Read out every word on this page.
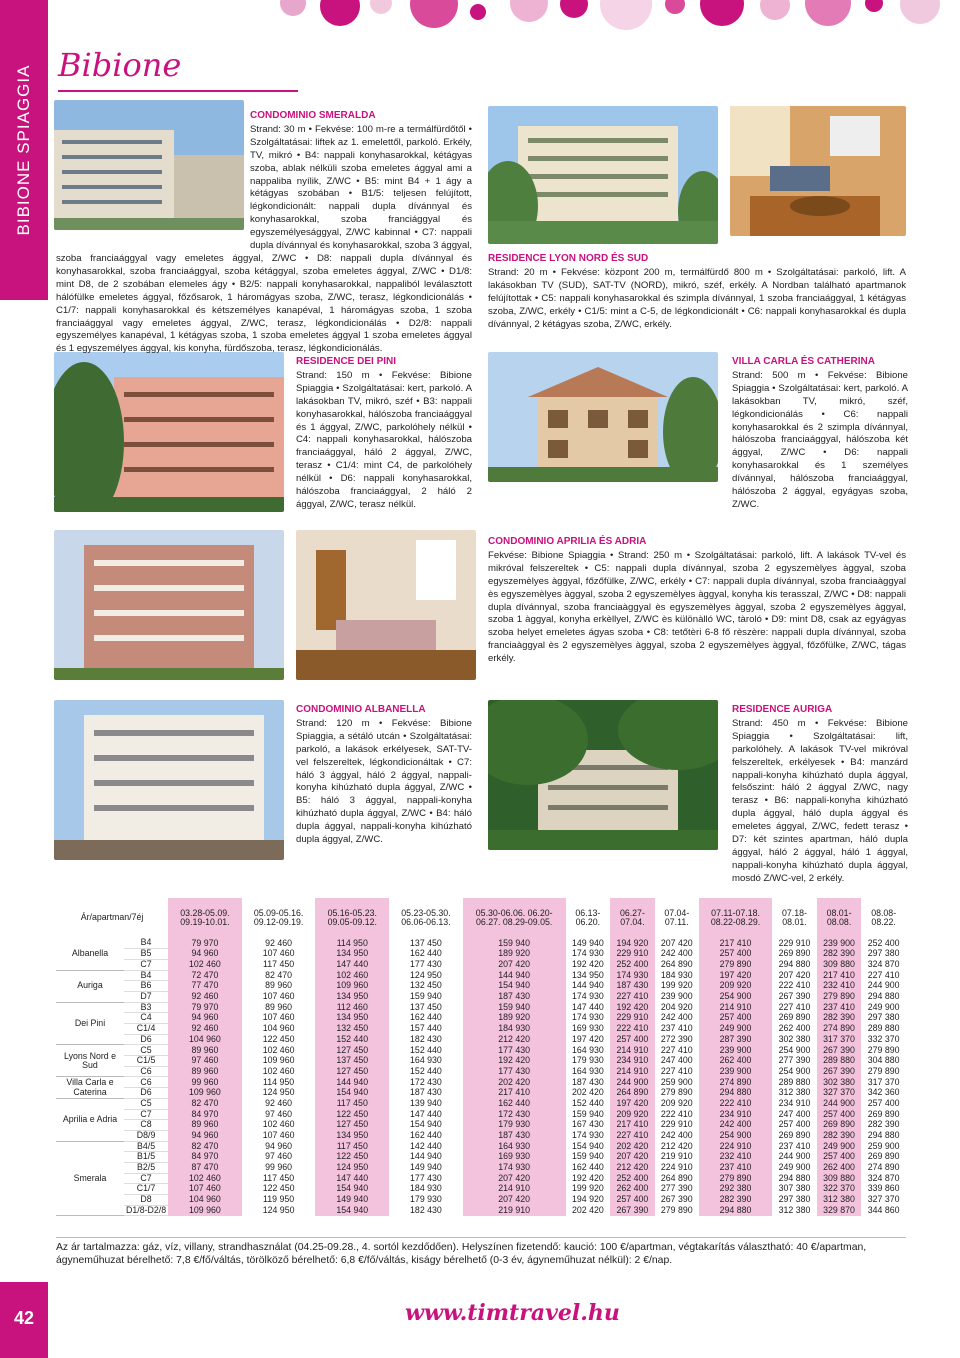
BIBIONE SPIAGGIA
42
Bibione
CONDOMINIO SMERALDA
Strand: 30 m • Fekvése: 100 m-re a termálfürdőtől • Szolgáltatásai: liftek az 1. emelettől, parkoló. Erkély, TV, mikró • B4: nappali konyhasarokkal, kétágyas szoba, ablak nélküli szoba emeletes ággyal ami a nappaliba nyílik, Z/WC • B5: mint B4 + 1 ágy a kétágyas szobában • B1/5: teljesen felújított, légkondicionált: nappali dupla dívánnyal és konyhasarokkal, szoba franciággyal és egyszemélyesággyal, Z/WC kabinnal • C7: nappali dupla dívánnyal és konyhasarokkal, szoba 3 ággyal, szoba franciaággyal vagy emeletes ággyal, Z/WC • D8: nappali dupla dívánnyal és konyhasarokkal, szoba franciaággyal, szoba kétággyal, szoba emeletes ággyal, Z/WC • D1/8: mint D8, de 2 szobában elemeles ágy • B2/5: nappali konyhasarokkal, nappaliból leválasztott hálófülke emeletes ággyal, főzősarok, 1 háromágyas szoba, Z/WC, terasz, légkondicionálás • C1/7: nappali konyhasarokkal és kétszemélyes kanapéval, 1 háromágyas szoba, 1 szoba franciaággyal vagy emeletes ággyal, Z/WC, terasz, légkondicionálás • D2/8: nappali egyszemélyes kanapéval, 1 kétágyas szoba, 1 szoba emeletes ággyal 1 szoba emeletes ággyal és 1 egyszemélyes ággyal, kis konyha, fürdőszoba, terasz, légkondicionálás.
RESIDENCE LYON NORD ÉS SUD
Strand: 20 m • Fekvése: központ 200 m, termálfürdő 800 m • Szolgáltatásai: parkoló, lift. A lakásokban TV (SUD), SAT-TV (NORD), mikró, széf, erkély. A Nordban található apartmanok felújítottak • C5: nappali konyhasarokkal és szimpla dívánnyal, 1 szoba franciaággyal, 1 kétágyas szoba, Z/WC, erkély • C1/5: mint a C-5, de légkondicionált • C6: nappali konyhasarokkal és dupla dívánnyal, 2 kétágyas szoba, Z/WC, erkély.
RESIDENCE DEI PINI
Strand: 150 m • Fekvése: Bibione Spiaggia • Szolgáltatásai: kert, parkoló. A lakásokban TV, mikró, széf • B3: nappali konyhasarokkal, hálószoba franciaággyal és 1 ággyal, Z/WC, parkolóhely nélkül • C4: nappali konyhasarokkal, hálószoba franciaággyal, háló 2 ággyal, Z/WC, terasz • C1/4: mint C4, de parkolóhely nélkül • D6: nappali konyhasarokkal, hálószoba franciaággyal, 2 háló 2 ággyal, Z/WC, terasz nélkül.
VILLA CARLA ÉS CATHERINA
Strand: 500 m • Fekvése: Bibione Spiaggia • Szolgáltatásai: kert, parkoló. A lakásokban TV, mikró, széf, légkondicionálás • C6: nappali konyhasarokkal és 2 szimpla dívánnyal, hálószoba franciaággyal, hálószoba két ággyal, Z/WC • D6: nappali konyhasarokkal és 1 személyes dívánnyal, hálószoba franciaággyal, hálószoba 2 ággyal, egyágyas szoba, Z/WC.
CONDOMINIO APRILIA ÉS ADRIA
Fekvése: Bibione Spiaggia • Strand: 250 m • Szolgáltatásai: parkoló, lift. A lakások TV-vel és mikróval felszereltek • C5: nappali dupla dívánnyal, szoba 2 egyszemèlyes àggyal, szoba egyszemèlyes àggyal, főzőfülke, Z/WC, erkély • C7: nappali dupla dívánnyal, szoba franciaàggyal ès egyszemèlyes àggyal, szoba 2 egyszemèlyes àggyal, konyha kis terasszal, Z/WC • D8: nappali dupla dívánnyal, szoba franciaàggyal ès egyszemèlyes àggyal, szoba 2 egyszemèlyes àggyal, szoba 1 àggyal, konyha erkèllyel, Z/WC ès különàlló WC, tàroló • D9: mint D8, csak az egyágyas szoba helyet emeletes ágyas szoba • C8: tetőtèri 6-8 fő rèszère: nappali dupla dívánnyal, szoba franciaàggyal ès 2 egyszemèlyes àggyal, szoba 2 egyszemèlyes àggyal, főzőfülke, Z/WC, tágas erkély.
CONDOMINIO ALBANELLA
Strand: 120 m • Fekvése: Bibione Spiaggia, a sétáló utcán • Szolgáltatásai: parkoló, a lakások erkélyesek, SAT-TV-vel felszereltek, légkondicionáltak • C7: háló 3 ággyal, háló 2 ággyal, nappali-konyha kihúzható dupla ággyal, Z/WC • B5: háló 3 ággyal, nappali-konyha kihúzható dupla ággyal, Z/WC • B4: háló dupla ággyal, nappali-konyha kihúzható dupla ággyal, Z/WC.
RESIDENCE AURIGA
Strand: 450 m • Fekvése: Bibione Spiaggia • Szolgáltatásai: lift, parkolóhely. A lakások TV-vel mikróval felszereltek, erkélyesek • B4: manzárd nappali-konyha kihúzható dupla ággyal, felsőszint: háló 2 ággyal Z/WC, nagy terasz • B6: nappali-konyha kihúzható dupla ággyal, háló dupla ággyal és emeletes ággyal, Z/WC, fedett terasz • D7: két szintes apartman, háló dupla ággyal, háló 2 ággyal, háló 1 ággyal, nappali-konyha kihúzható dupla ággyal, mosdó Z/WC-vel, 2 erkély.
Ár/apartman/7éj		03.28-05.09. 09.19-10.01.	05.09-05.16. 09.12-09.19.	05.16-05.23. 09.05-09.12.	05.23-05.30. 06.06-06.13.	05.30-06.06. 06.20-06.27. 08.29-09.05.	06.13-06.20.	06.27-07.04.	07.04-07.11.	07.11-07.18. 08.22-08.29.	07.18-08.01.	08.01-08.08.	08.08-08.22.
Albanella	B4	79 970	92 460	114 950	137 450	159 940	149 940	194 920	207 420	217 410	229 910	239 900	252 400
	B5	94 960	107 460	134 950	162 440	189 920	174 930	229 910	242 400	257 400	269 890	282 390	297 380
	C7	102 460	117 450	147 440	177 430	207 420	192 420	252 400	264 890	279 890	294 880	309 880	324 870
Auriga	B4	72 470	82 470	102 460	124 950	144 940	134 950	174 930	184 930	197 420	207 420	217 410	227 410
	B6	77 470	89 960	109 960	132 450	154 940	144 940	187 430	199 920	209 920	222 410	232 410	244 900
	D7	92 460	107 460	134 950	159 940	187 430	174 930	227 410	239 900	254 900	267 390	279 890	294 880
Dei Pini	B3	79 970	89 960	112 460	137 450	159 940	147 440	192 420	204 920	214 910	227 410	237 410	249 900
	C4	94 960	107 460	134 950	162 440	189 920	174 930	229 910	242 400	257 400	269 890	282 390	297 380
	C1/4	92 460	104 960	132 450	157 440	184 930	169 930	222 410	237 410	249 900	262 400	274 890	289 880
	D6	104 960	122 450	152 440	182 430	212 420	197 420	257 400	272 390	287 390	302 380	317 370	332 370
Lyons Nord e Sud	C5	89 960	102 460	127 450	152 440	177 430	164 930	214 910	227 410	239 900	254 900	267 390	279 890
	C1/5	97 460	109 960	137 450	164 930	192 420	179 930	234 910	247 400	262 400	277 390	289 880	304 880
	C6	89 960	102 460	127 450	152 440	177 430	164 930	214 910	227 410	239 900	254 900	267 390	279 890
Villa Carla e Caterina	C6	99 960	114 950	144 940	172 430	202 420	187 430	244 900	259 900	274 890	289 880	302 380	317 370
	D6	109 960	124 950	154 940	187 430	217 410	202 420	264 890	279 890	294 880	312 380	327 370	342 360
Aprilia e Adria	C5	82 470	92 460	117 450	139 940	162 440	152 440	197 420	209 920	222 410	234 910	244 900	257 400
	C7	84 970	97 460	122 450	147 440	172 430	159 940	209 920	222 410	234 910	247 400	257 400	269 890
	C8	89 960	102 460	127 450	154 940	179 930	167 430	217 410	229 910	242 400	257 400	269 890	282 390
	D8/9	94 960	107 460	134 950	162 440	187 430	174 930	227 410	242 400	254 900	269 890	282 390	294 880
Smerala	B4/5	82 470	94 960	117 450	142 440	164 930	154 940	202 420	212 420	224 910	237 410	249 900	259 900
	B1/5	84 970	97 460	122 450	144 940	169 930	159 940	207 420	219 910	232 410	244 900	257 400	269 890
	B2/5	87 470	99 960	124 950	149 940	174 930	162 440	212 420	224 910	237 410	249 900	262 400	274 890
	C7	102 460	117 450	147 440	177 430	207 420	192 420	252 400	264 890	279 890	294 880	309 880	324 870
	C1/7	107 460	122 450	154 940	184 930	214 910	199 920	262 400	277 390	292 380	307 380	322 370	339 860
	D8	104 960	119 950	149 940	179 930	207 420	194 920	257 400	267 390	282 390	297 380	312 380	327 370
	D1/8-D2/8	109 960	124 950	154 940	182 430	219 910	202 420	267 390	279 890	294 880	312 380	329 870	344 860
Az ár tartalmazza: gáz, víz, villany, strandhasználat (04.25-09.28., 4. sortól kezdődően). Helyszínen fizetendő: kaució: 100 €/apartman, végtakarítás választható: 40 €/apartman, ágyneműhuzat bérelhető: 7,8 €/fő/váltás, törölköző bérelhető: 6,8 €/fő/váltás, kiságy bérelhető (0-3 év, ágyneműhuzat nélkül): 2 €/nap.
www.timtravel.hu
